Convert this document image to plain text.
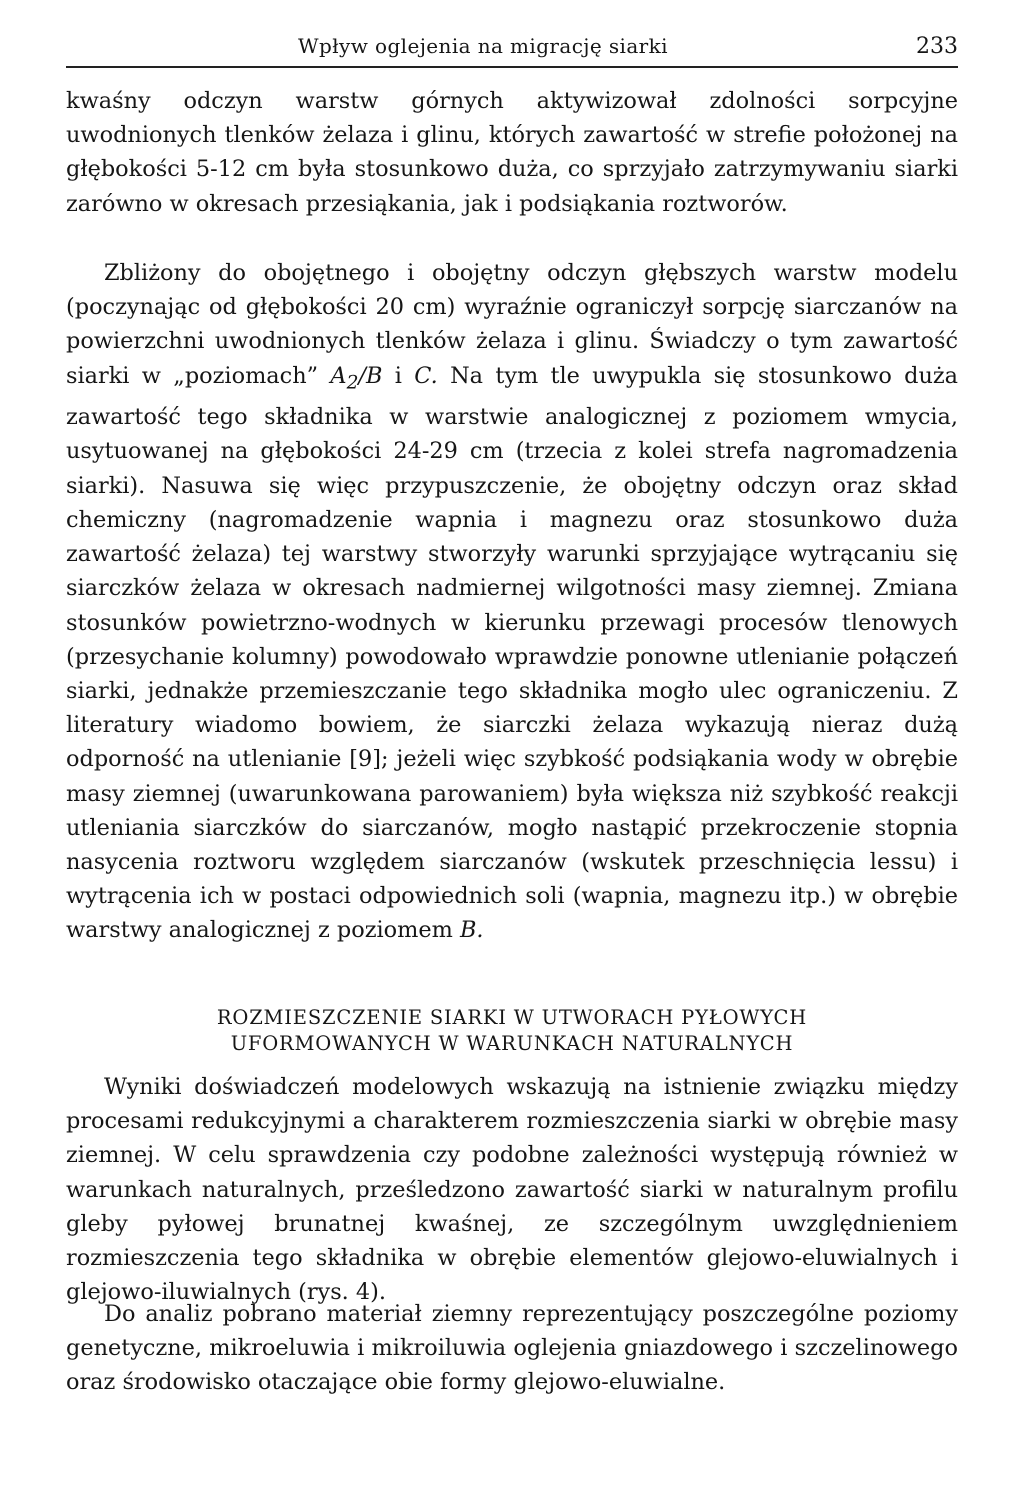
Wpływ oglejenia na migrację siarki	233

kwaśny odczyn warstw górnych aktywizował zdolności sorpcyjne uwodnionych tlenków żelaza i glinu, których zawartość w strefie położonej na głębokości 5-12 cm była stosunkowo duża, co sprzyjało zatrzymywaniu siarki zarówno w okresach przesiąkania, jak i podsiąkania roztworów.

Zbliżony do obojętnego i obojętny odczyn głębszych warstw modelu (poczynając od głębokości 20 cm) wyraźnie ograniczył sorpcję siarczanów na powierzchni uwodnionych tlenków żelaza i glinu. Świadczy o tym zawartość siarki w „poziomach” $A_2/B$ i C. Na tym tle uwypukla się stosunkowo duża zawartość tego składnika w warstwie analogicznej z poziomem wmycia, usytuowanej na głębokości 24-29 cm (trzecia z kolei strefa nagromadzenia siarki). Nasuwa się więc przypuszczenie, że obojętny odczyn oraz skład chemiczny (nagromadzenie wapnia i magnezu oraz stosunkowo duża zawartość żelaza) tej warstwy stworzyły warunki sprzyjające wytrącaniu się siarczków żelaza w okresach nadmiernej wilgotności masy ziemnej. Zmiana stosunków powietrzno-wodnych w kierunku przewagi procesów tlenowych (przesychanie kolumny) powodowało wprawdzie ponowne utlenianie połączeń siarki, jednakże przemieszczanie tego składnika mogło ulec ograniczeniu. Z literatury wiadomo bowiem, że siarczki żelaza wykazują nieraz dużą odporność na utlenianie [9]; jeżeli więc szybkość podsiąkania wody w obrębie masy ziemnej (uwarunkowana parowaniem) była większa niż szybkość reakcji utleniania siarczków do siarczanów, mogło nastąpić przekroczenie stopnia nasycenia roztworu względem siarczanów (wskutek przeschnięcia lessu) i wytrącenia ich w postaci odpowiednich soli (wapnia, magnezu itp.) w obrębie warstwy analogicznej z poziomem B.

ROZMIESZCZENIE SIARKI W UTWORACH PYŁOWYCH
UFORMOWANYCH W WARUNKACH NATURALNYCH

Wyniki doświadczeń modelowych wskazują na istnienie związku między procesami redukcyjnymi a charakterem rozmieszczenia siarki w obrębie masy ziemnej. W celu sprawdzenia czy podobne zależności występują również w warunkach naturalnych, prześledzono zawartość siarki w naturalnym profilu gleby pyłowej brunatnej kwaśnej, ze szczególnym uwzględnieniem rozmieszczenia tego składnika w obrębie elementów glejowo-eluwialnych i glejowo-iluwialnych (rys. 4).

Do analiz pobrano materiał ziemny reprezentujący poszczególne poziomy genetyczne, mikroeluwia i mikroiluwia oglejenia gniazdowego i szczelinowego oraz środowisko otaczające obie formy glejowo-eluwialne.
